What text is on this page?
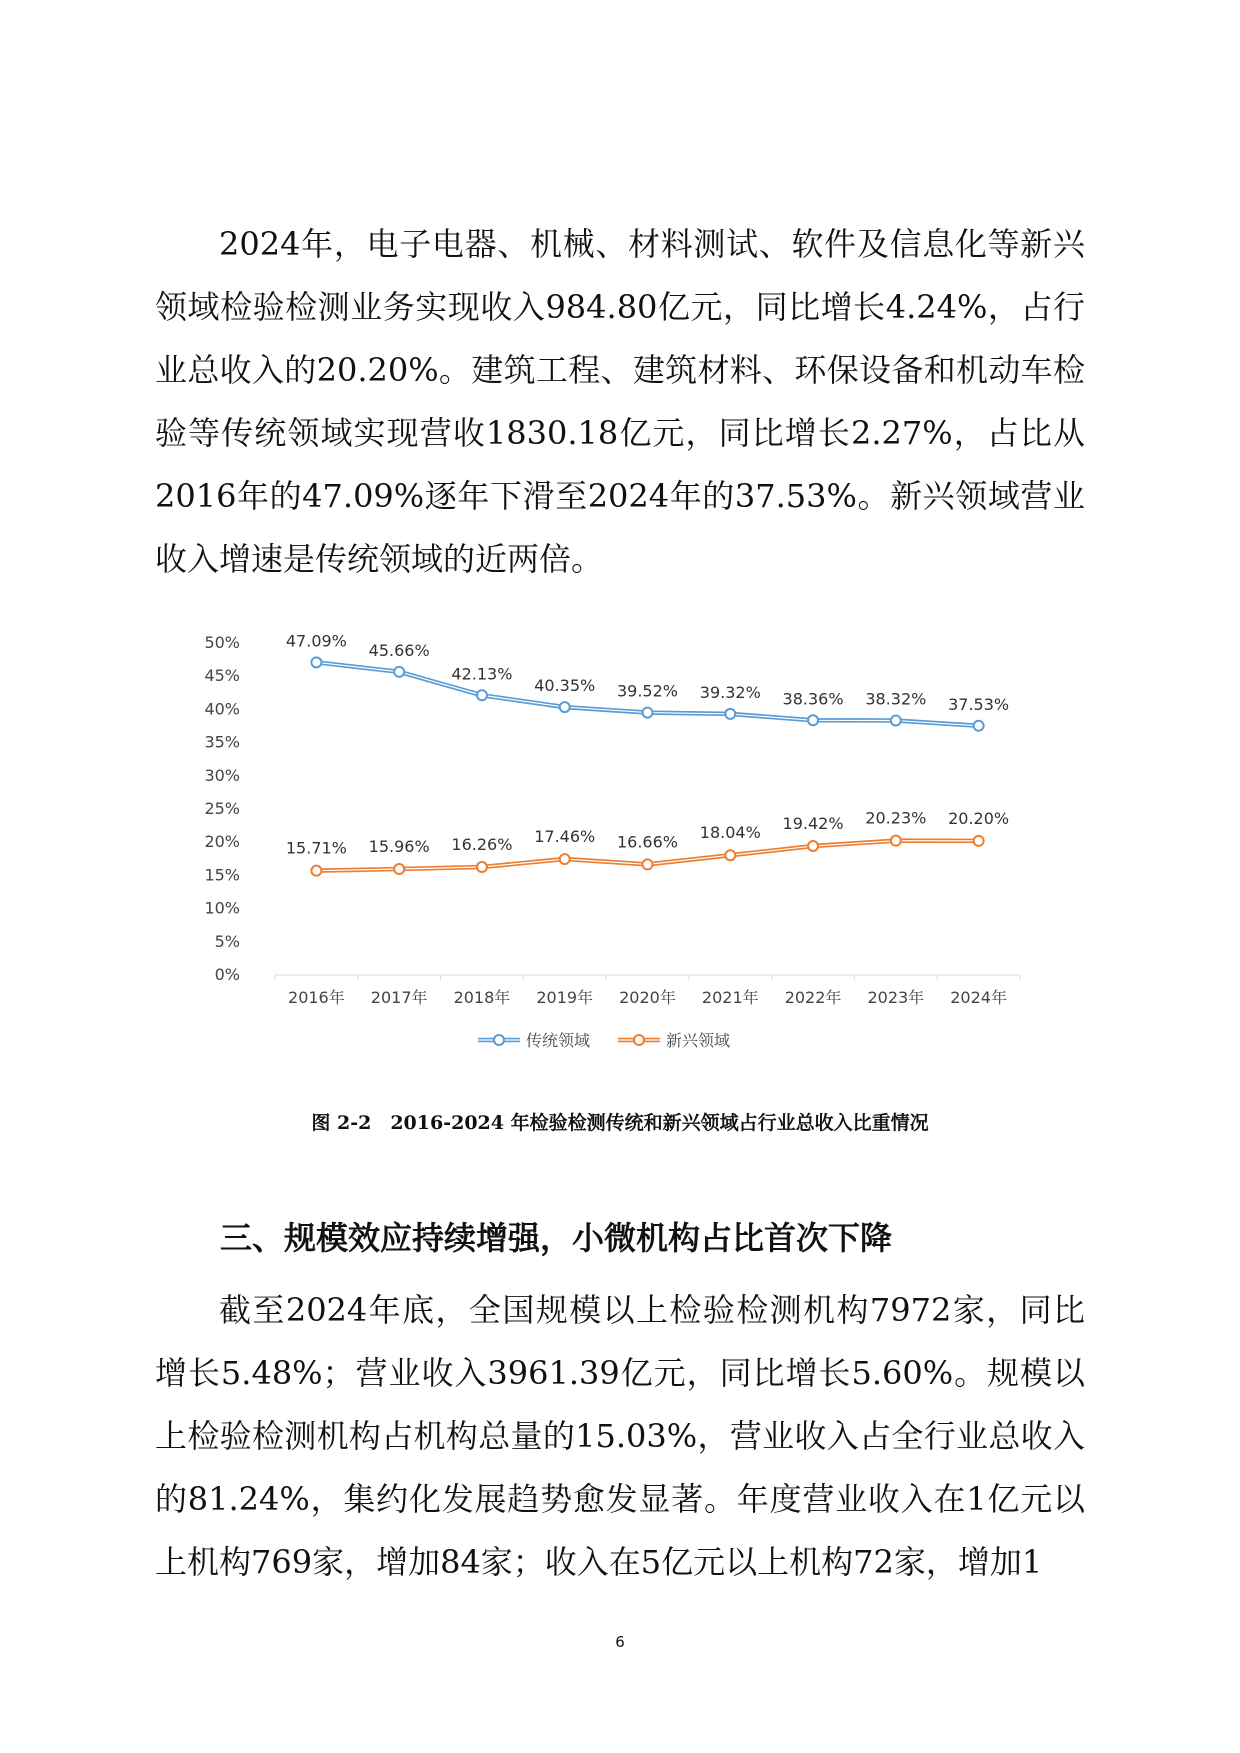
2024年，电子电器、机械、材料测试、软件及信息化等新兴领域检验检测业务实现收入984.80亿元，同比增长4.24%，占行业总收入的20.20%。建筑工程、建筑材料、环保设备和机动车检验等传统领域实现营收1830.18亿元，同比增长2.27%，占比从2016年的47.09%逐年下滑至2024年的37.53%。新兴领域营业收入增速是传统领域的近两倍。

0%
5%
10%
15%
20%
25%
30%
35%
40%
45%
50%
2016年 2017年 2018年 2019年 2020年 2021年 2022年 2023年 2024年
47.09% 45.66%
42.13%
40.35% 39.52% 39.32% 38.36% 38.32% 37.53%
15.71% 15.96% 16.26% 17.46% 16.66% 18.04% 19.42% 20.23% 20.20%
传统领域	新兴领域
图 2-2　2016-2024 年检验检测传统和新兴领域占行业总收入比重情况
三、规模效应持续增强，小微机构占比首次下降

截至2024年底，全国规模以上检验检测机构7972家，同比增长5.48%；营业收入3961.39亿元，同比增长5.60%。规模以上检验检测机构占机构总量的15.03%，营业收入占全行业总收入的81.24%，集约化发展趋势愈发显著。年度营业收入在1亿元以上机构769家，增加84家；收入在5亿元以上机构72家，增加1

6
